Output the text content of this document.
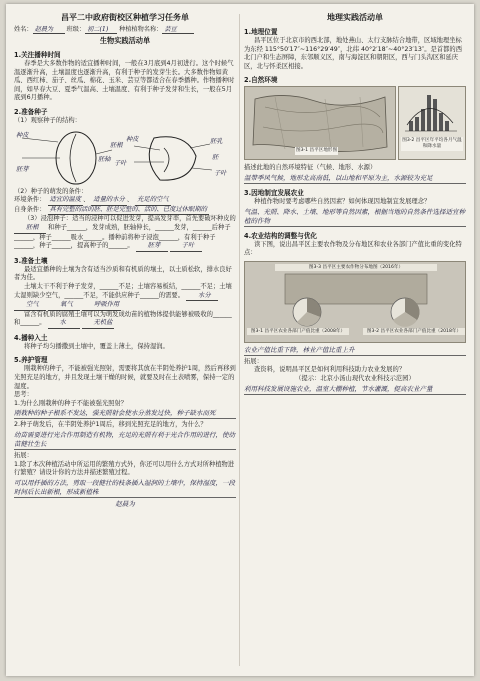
昌平二中政府街校区种植学习任务单
姓名： 赵晨为 班级： 初二(1) 种植植物名称： 芸豆
生物实践活动单
1.关注播种时间

春季是大多数作物的适宜播种时间，一般在3月底到4月初进行。这个时候气温逐渐升高，土壤温度也逐渐升高，有利于种子的发芽生长。大多数作物如黄瓜、西红柿、茄子、丝瓜、棉花、玉米、芸豆等都适合在春季播种。作物播种时间，如早春大豆、夏季气温高、土壤温度、有利于种子发芽和生长，一般在5月底到6月播种。

2.准备种子

（1）观察种子的结构：

种皮
胚芽
胚轴
胚根
子叶
种皮	胚乳
胚
子叶

（2）种子的萌发的条件：

环境条件： 适宜的温度 、 适量的水分 、 充足的空气

自身条件： 具有完整的活的胚、胚是完整的、活的、已度过休眠期的

（3）浸泡种子：适当的浸种可以促进发芽，提高发芽率，首先要破坏种皮的 胚根 和种子______，发芽成熟，胚轴伸长，______发芽，______后种子______，种子______吸水______。播种前将种子浸泡______，有利于种子______，种子______，提高种子的______。 胚芽	子叶

3.准备土壤

最适宜播种的土壤为含有适当沙质和有机质的壤土，以土质松软，排水良好者为佳。

土壤太干不利于种子发芽，______不足；土壤容易板结，______不足；土壤太湿则缺少空气，______不足，不能供应种子______的需要。 水分 空气	氧气	呼吸作用

富含有机质的腐殖土壤可以为萌发成幼苗的植物体提供能够被吸收的______和______。 水	无机盐

4.播种入土

将种子均匀播撒到土壤中，覆盖上薄土，保持湿润。

5.养护管理

刚栽种的种子，不能被强光照射，需要将其放在半阴处养护1周，然后再移到光照充足的地方，并且发现土壤干燥的时候，就要及时在土表喷雾，保持一定的湿度。

思考：

1.为什么刚栽种的种子不能被强光照射？

刚栽种的种子根系不发达，强光照射会使水分蒸发过快，种子缺水而死

2.种子萌发后，在半阴处养护1周后，移到光照充足的地方，为什么？

幼苗需要进行光合作用制造有机物，充足的光照有利于光合作用的进行，使幼苗健壮生长

拓展：

1.除了本次种植活动中所运用的繁殖方式外，你还可以用什么方式对所种植物进行繁殖？请设计你的方法并描述繁殖过程。

可以用扦插的方法，剪取一段健壮的枝条插入湿润的土壤中，保持湿度，一段时间后长出新根，形成新植株
赵晨为
地理实践活动单
1.地理位置

昌平区位于北京市的西北部，地处燕山、太行支脉结合地带，区域地理坐标为东经 115°50′17″~116°29′49″，北纬 40°2′18″~40°23′13″。是首都的西北门户和生态屏障，东邻顺义区，南与海淀区和朝阳区，西与门头沟区和延庆区，北与怀柔区相接。

2.自然环境
图3-1 昌平区地形图
图3-2 昌平区年平均各月气温和降水量

描述此地的自然环境特征（气候、地形、水源）

温带季风气候，地形北高南低，以山地和平原为主，水源较为充足
3.因地制宜发展农业

种植作物时要考虑哪些自然因素？如何体现因地制宜发展理念？

气温、光照、降水、土壤、地形等自然因素，根据当地的自然条件选择适宜种植的作物
4.农业结构的调整与优化

读下图，说出昌平区主要农作物及分布地区和农业各部门产值比重的变化特点：

图3-3 昌平区主要农作物分布地图（2016年）
图3-1 昌平区农业各部门产值比重（2008年）	图3-2 昌平区农业各部门产值比重（2018年）
农业产值比重下降，林业产值比重上升

拓展：

查资料，说明昌平区是如何利用科技助力农业发展的？

（提示：北京小汤山现代农业科技示范园）

利用科技发展设施农业，温室大棚种植，节水灌溉，提高农业产量
